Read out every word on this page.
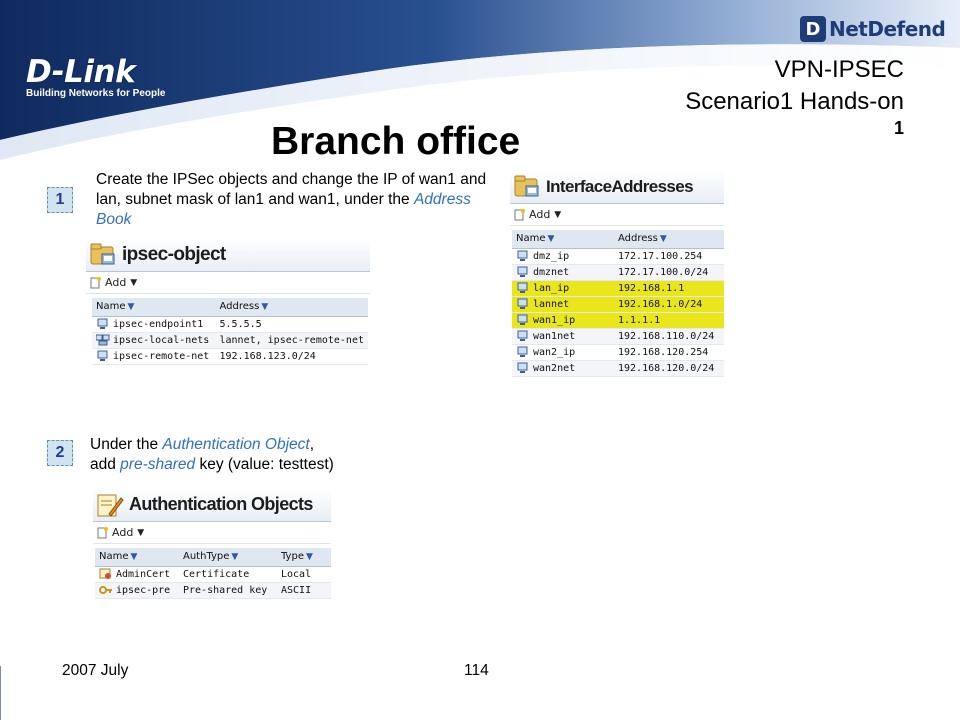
D-Link
Building Networks for People
D NetDefend
VPN-IPSEC
Scenario1 Hands-on
1
Branch office
1
Create the IPSec objects and change the IP of wan1 and lan, subnet mask of lan1 and wan1, under the Address Book
ipsec-object
Add ▼
Name ▼	Address ▼
ipsec-endpoint1	5.5.5.5
ipsec-local-nets	lannet, ipsec-remote-net
ipsec-remote-net	192.168.123.0/24
InterfaceAddresses
Add ▼
Name ▼	Address ▼
dmz_ip	172.17.100.254
dmznet	172.17.100.0/24
lan_ip	192.168.1.1
lannet	192.168.1.0/24
wan1_ip	1.1.1.1
wan1net	192.168.110.0/24
wan2_ip	192.168.120.254
wan2net	192.168.120.0/24
2	Under the Authentication Object,
add pre-shared key (value: testtest)
Authentication Objects
Add ▼
Name ▼	AuthType ▼	Type ▼
AdminCert	Certificate	Local
ipsec-pre	Pre-shared key	ASCII
2007 July	114
